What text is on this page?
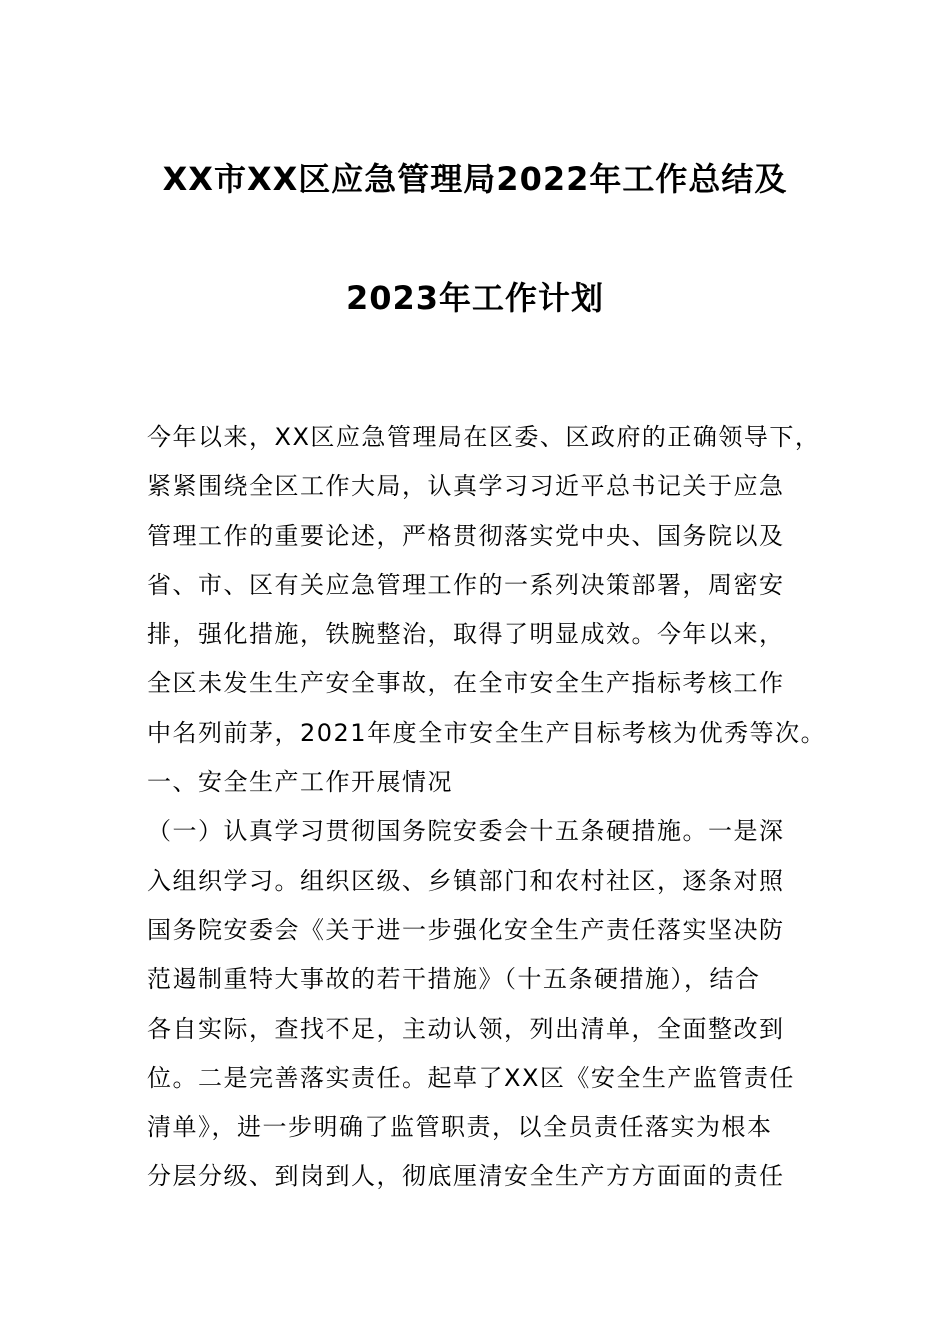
XX市XX区应急管理局2022年工作总结及
2023年工作计划
今年以来，XX区应急管理局在区委、区政府的正确领导下，
紧紧围绕全区工作大局，认真学习习近平总书记关于应急
管理工作的重要论述，严格贯彻落实党中央、国务院以及
省、市、区有关应急管理工作的一系列决策部署，周密安
排，强化措施，铁腕整治，取得了明显成效。今年以来，
全区未发生生产安全事故，在全市安全生产指标考核工作
中名列前茅，2021年度全市安全生产目标考核为优秀等次。
一、安全生产工作开展情况
（一）认真学习贯彻国务院安委会十五条硬措施。一是深
入组织学习。组织区级、乡镇部门和农村社区，逐条对照
国务院安委会《关于进一步强化安全生产责任落实坚决防
范遏制重特大事故的若干措施》（十五条硬措施），结合
各自实际，查找不足，主动认领，列出清单，全面整改到
位。二是完善落实责任。起草了XX区《安全生产监管责任
清单》，进一步明确了监管职责，以全员责任落实为根本
分层分级、到岗到人，彻底厘清安全生产方方面面的责任
